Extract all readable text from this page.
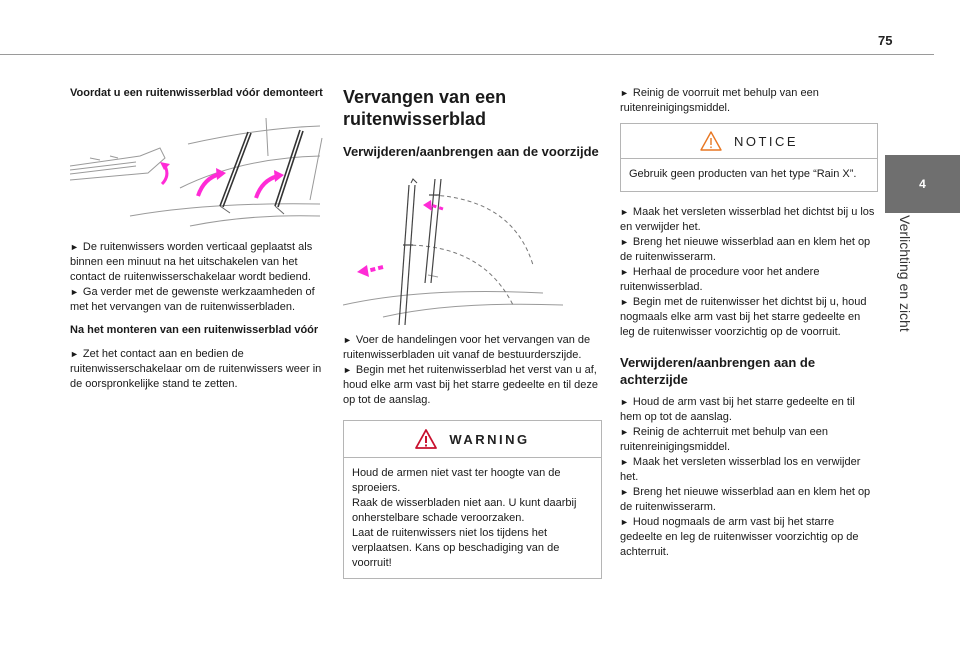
75
4
Verlichting en zicht
Voordat u een ruitenwisserblad vóór demonteert

► De ruitenwissers worden verticaal geplaatst als binnen een minuut na het uitschakelen van het contact de ruitenwisserschakelaar wordt bediend.

► Ga verder met de gewenste werkzaamheden of met het vervangen van de ruitenwisserbladen.

Na het monteren van een ruitenwisserblad vóór

► Zet het contact aan en bedien de ruitenwisserschakelaar om de ruitenwissers weer in de oorspronkelijke stand te zetten.

Vervangen van een ruitenwisserblad
Verwijderen/aanbrengen aan de voorzijde

► Voer de handelingen voor het vervangen van de ruitenwisserbladen uit vanaf de bestuurderszijde.

► Begin met het ruitenwisserblad het verst van u af, houd elke arm vast bij het starre gedeelte en til deze op tot de aanslag.

WARNING
Houd de armen niet vast ter hoogte van de sproeiers.
Raak de wisserbladen niet aan. U kunt daarbij onherstelbare schade veroorzaken.
Laat de ruitenwissers niet los tijdens het verplaatsen. Kans op beschadiging van de voorruit!

► Reinig de voorruit met behulp van een ruitenreinigingsmiddel.

NOTICE
Gebruik geen producten van het type “Rain X”.

► Maak het versleten wisserblad het dichtst bij u los en verwijder het.

► Breng het nieuwe wisserblad aan en klem het op de ruitenwisserarm.

► Herhaal de procedure voor het andere ruitenwisserblad.

► Begin met de ruitenwisser het dichtst bij u, houd nogmaals elke arm vast bij het starre gedeelte en leg de ruitenwisser voorzichtig op de voorruit.

Verwijderen/aanbrengen aan de achterzijde

► Houd de arm vast bij het starre gedeelte en til hem op tot de aanslag.

► Reinig de achterruit met behulp van een ruitenreinigingsmiddel.

► Maak het versleten wisserblad los en verwijder het.

► Breng het nieuwe wisserblad aan en klem het op de ruitenwisserarm.

► Houd nogmaals de arm vast bij het starre gedeelte en leg de ruitenwisser voorzichtig op de achterruit.
